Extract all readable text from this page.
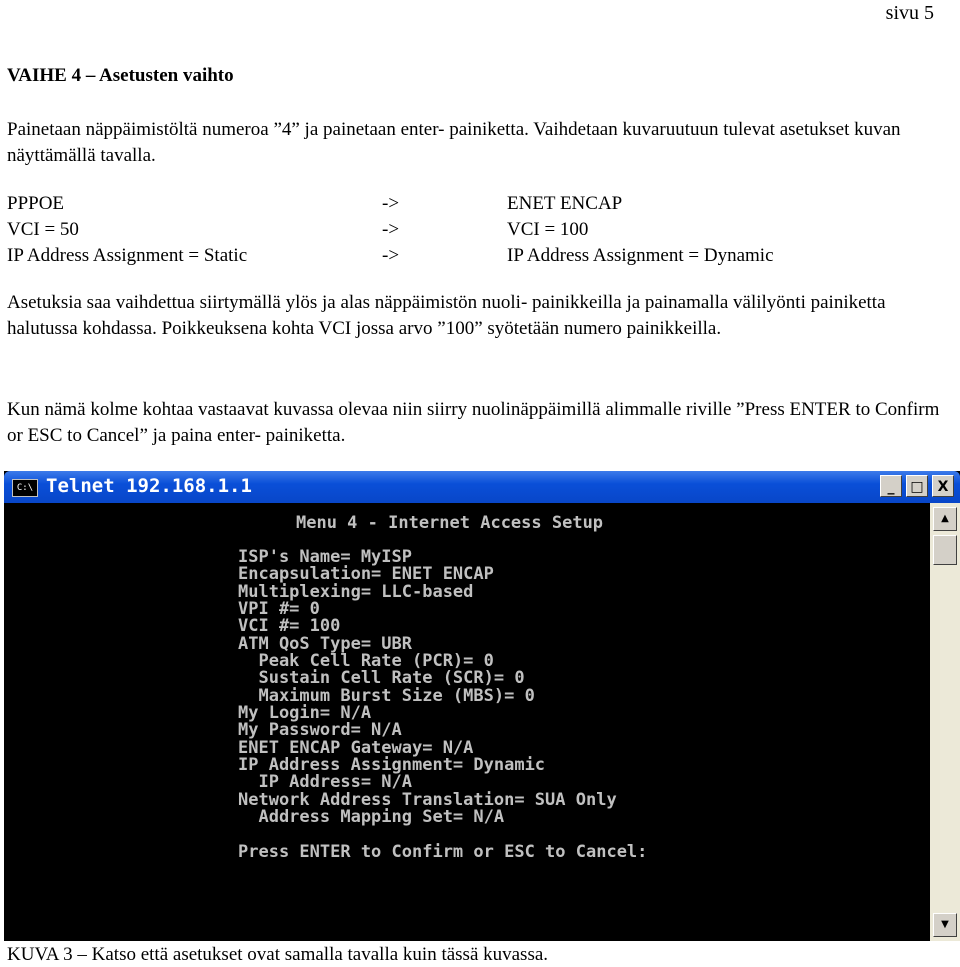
sivu 5
VAIHE 4 – Asetusten vaihto

Painetaan näppäimistöltä numeroa ”4” ja painetaan enter- painiketta. Vaihdetaan kuvaruutuun tulevat asetukset kuvan näyttämällä tavalla.

PPPOE	->	ENET ENCAP
VCI = 50	->	VCI = 100
IP Address Assignment = Static	->	IP Address Assignment = Dynamic

Asetuksia saa vaihdettua siirtymällä ylös ja alas näppäimistön nuoli- painikkeilla ja painamalla välilyönti painiketta halutussa kohdassa. Poikkeuksena kohta VCI jossa arvo ”100” syötetään numero painikkeilla.

Kun nämä kolme kohtaa vastaavat kuvassa olevaa niin siirry nuolinäppäimillä alimmalle riville ”Press ENTER to Confirm or ESC to Cancel” ja paina enter- painiketta.

C:\ Telnet 192.168.1.1	_	□ X
Menu 4 - Internet Access Setup
ISP's Name= MyISP
Encapsulation= ENET ENCAP
Multiplexing= LLC-based
VPI #= 0
VCI #= 100
ATM QoS Type= UBR
Peak Cell Rate (PCR)= 0
Sustain Cell Rate (SCR)= 0
Maximum Burst Size (MBS)= 0
My Login= N/A
My Password= N/A
ENET ENCAP Gateway= N/A
IP Address Assignment= Dynamic
IP Address= N/A
Network Address Translation= SUA Only
Address Mapping Set= N/A
Press ENTER to Confirm or ESC to Cancel:
▲
▼
KUVA 3 – Katso että asetukset ovat samalla tavalla kuin tässä kuvassa.
